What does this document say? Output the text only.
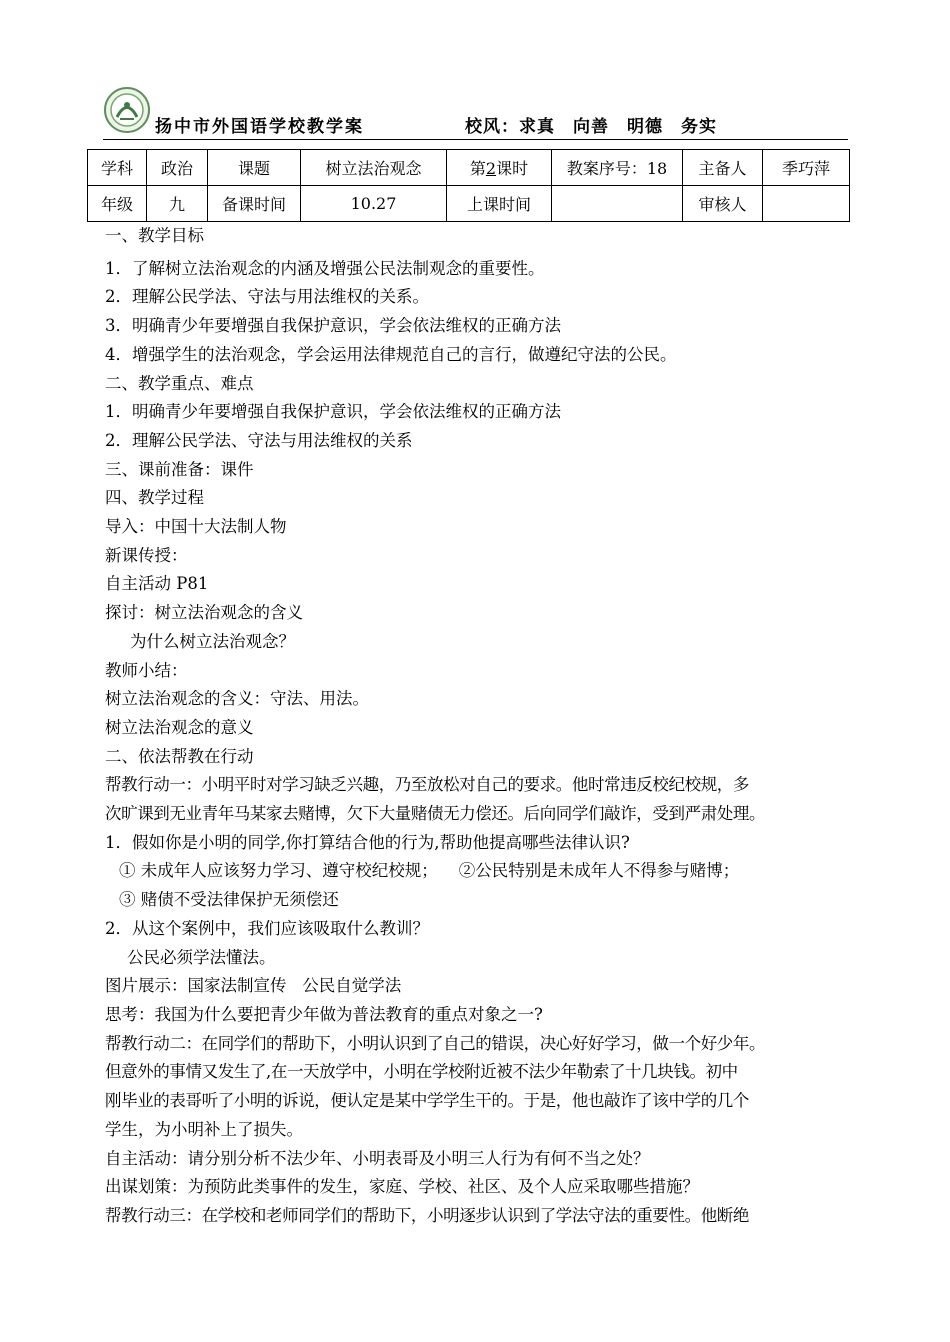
扬中市外国语学校教学案	校风：求真 向善 明德 务实
学科	政治	课题	树立法治观念	第2课时	教案序号：18	主备人	季巧萍
年级	九	备课时间	10.27	上课时间		审核人	
一、教学目标
1．了解树立法治观念的内涵及增强公民法制观念的重要性。
2．理解公民学法、守法与用法维权的关系。
3．明确青少年要增强自我保护意识，学会依法维权的正确方法
4．增强学生的法治观念，学会运用法律规范自己的言行，做遵纪守法的公民。
二、教学重点、难点
1．明确青少年要增强自我保护意识，学会依法维权的正确方法
2．理解公民学法、守法与用法维权的关系
三、课前准备：课件
四、教学过程
导入：中国十大法制人物
新课传授：
自主活动 P81
探讨：树立法治观念的含义
为什么树立法治观念？
教师小结：
树立法治观念的含义：守法、用法。
树立法治观念的意义
二、依法帮教在行动
帮教行动一：小明平时对学习缺乏兴趣，乃至放松对自己的要求。他时常违反校纪校规，多
次旷课到无业青年马某家去赌博，欠下大量赌债无力偿还。后向同学们敲诈，受到严肃处理。
1．假如你是小明的同学,你打算结合他的行为,帮助他提高哪些法律认识?
① 未成年人应该努力学习、遵守校纪校规；    ②公民特别是未成年人不得参与赌博；
③ 赌债不受法律保护无须偿还
2．从这个案例中，我们应该吸取什么教训？
公民必须学法懂法。
图片展示：国家法制宣传   公民自觉学法
思考：我国为什么要把青少年做为普法教育的重点对象之一?
帮教行动二：在同学们的帮助下，小明认识到了自己的错误，决心好好学习，做一个好少年。
但意外的事情又发生了,在一天放学中，小明在学校附近被不法少年勒索了十几块钱。初中
刚毕业的表哥听了小明的诉说，便认定是某中学学生干的。于是，他也敲诈了该中学的几个
学生，为小明补上了损失。
自主活动：请分别分析不法少年、小明表哥及小明三人行为有何不当之处？
出谋划策：为预防此类事件的发生，家庭、学校、社区、及个人应采取哪些措施？
帮教行动三：在学校和老师同学们的帮助下，小明逐步认识到了学法守法的重要性。他断绝
